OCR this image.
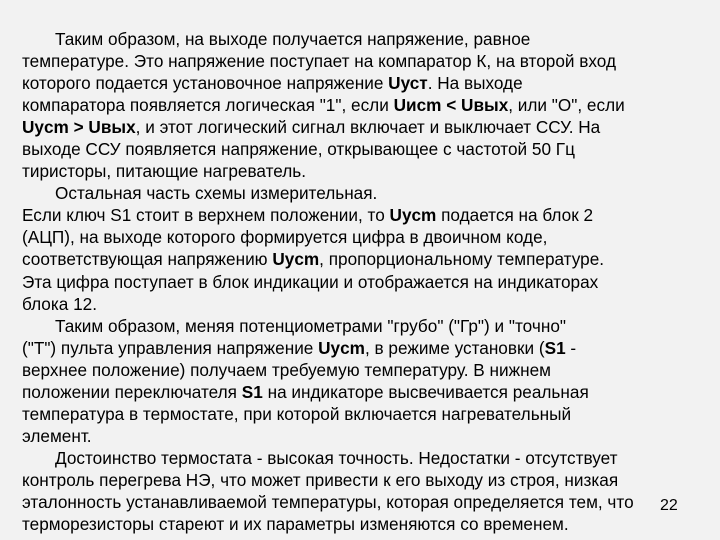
Таким образом, на выходе получается напряжение, равное
температуре. Это напряжение поступает на компаратор К, на второй вход
которого подается установочное напряжение Uуст. На выходе
компаратора появляется логическая "1", если Uиcm < Uвых, или "О", если
Uуcm > Uвых, и этот логический сигнал включает и выключает ССУ. На
выходе ССУ появляется напряжение, открывающее с частотой 50 Гц
тиристоры, питающие нагреватель.
Остальная часть схемы измерительная.
Если ключ S1 стоит в верхнем положении, то Uуcm подается на блок 2
(АЦП), на выходе которого формируется цифра в двоичном коде,
соответствующая напряжению Uуcm, пропорциональному температуре.
Эта цифра поступает в блок индикации и отображается на индикаторах
блока 12.
Таким образом, меняя потенциометрами "грубо" ("Гр") и "точно"
("Т") пульта управления напряжение Uуcm, в режиме установки (S1 -
верхнее положение) получаем требуемую температуру. В нижнем
положении переключателя S1 на индикаторе высвечивается реальная
температура в термостате, при которой включается нагревательный
элемент.
Достоинство термостата - высокая точность. Недостатки - отсутствует
контроль перегрева НЭ, что может привести к его выходу из строя, низкая
эталонность устанавливаемой температуры, которая определяется тем, что
терморезисторы стареют и их параметры изменяются со временем.
22
